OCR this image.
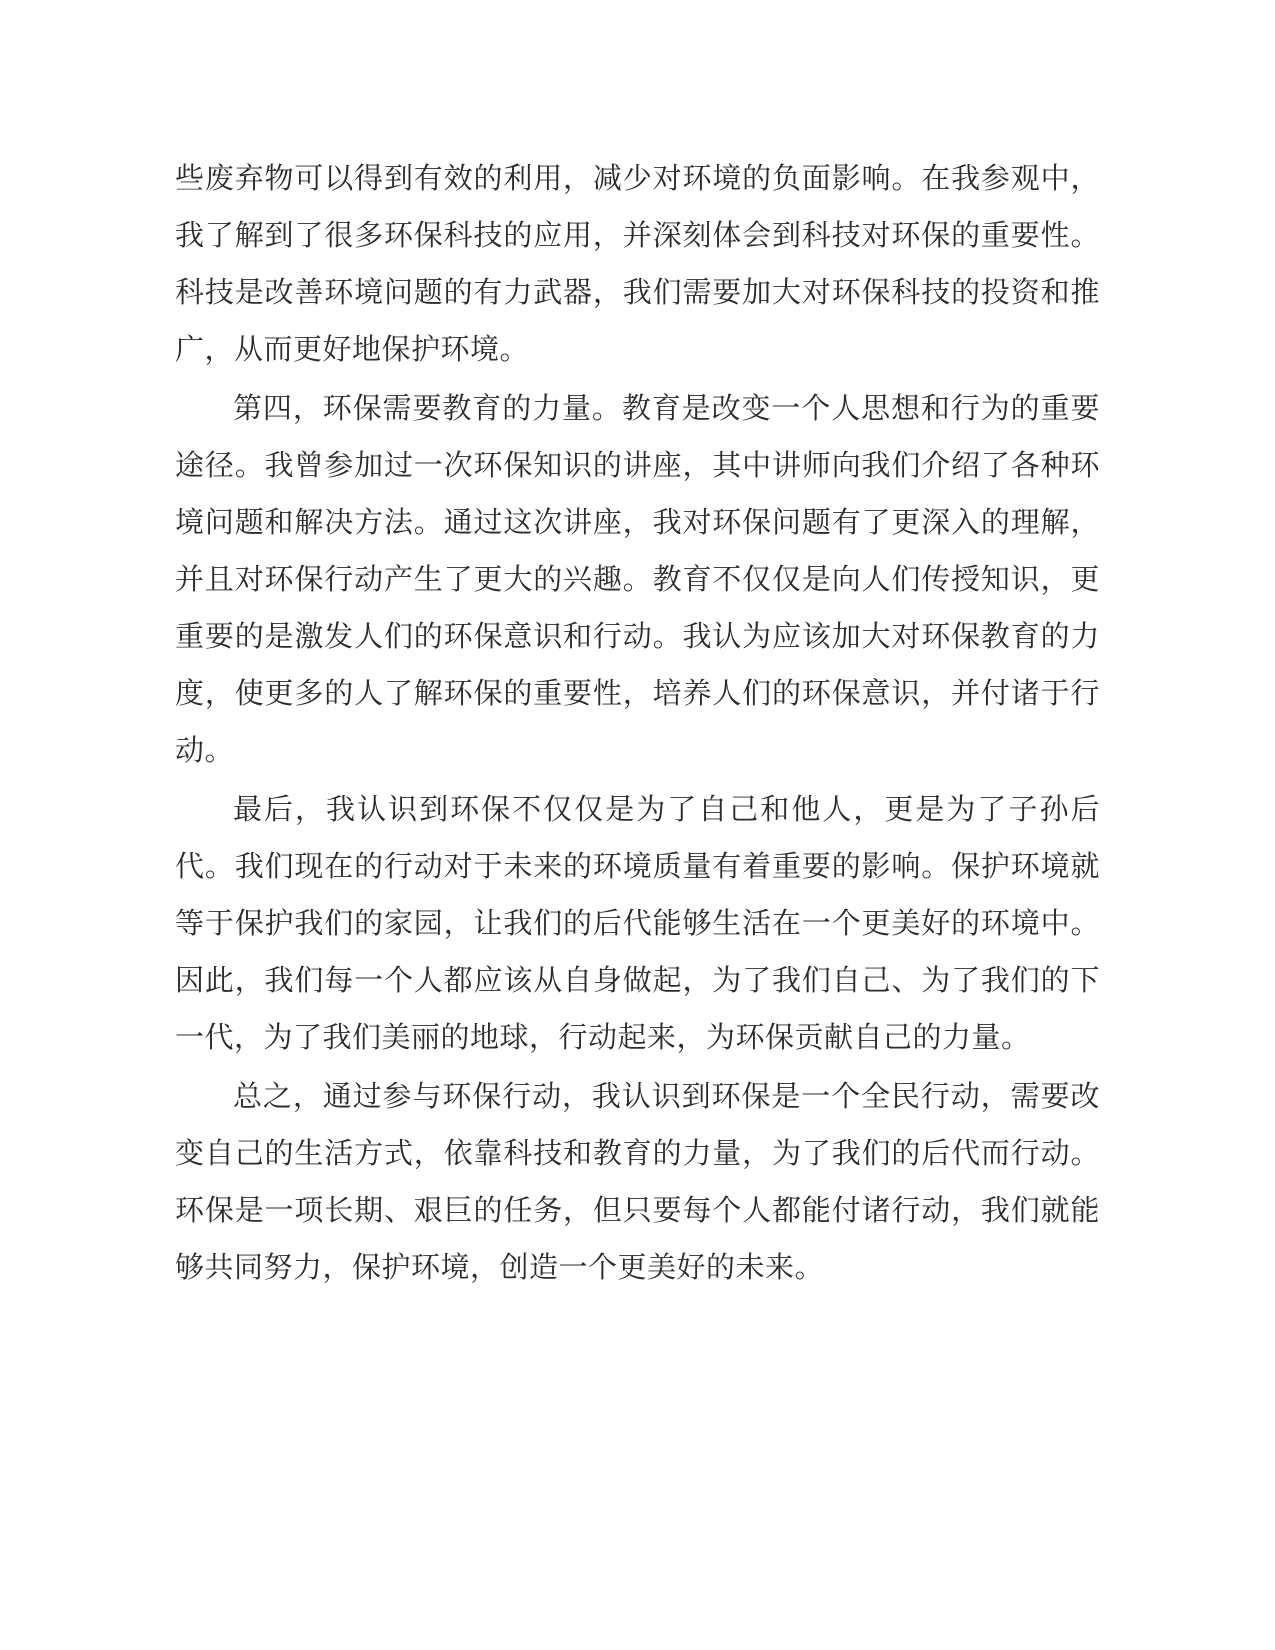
些废弃物可以得到有效的利用，减少对环境的负面影响。在我参观中，我了解到了很多环保科技的应用，并深刻体会到科技对环保的重要性。科技是改善环境问题的有力武器，我们需要加大对环保科技的投资和推广，从而更好地保护环境。

第四，环保需要教育的力量。教育是改变一个人思想和行为的重要途径。我曾参加过一次环保知识的讲座，其中讲师向我们介绍了各种环境问题和解决方法。通过这次讲座，我对环保问题有了更深入的理解，并且对环保行动产生了更大的兴趣。教育不仅仅是向人们传授知识，更重要的是激发人们的环保意识和行动。我认为应该加大对环保教育的力度，使更多的人了解环保的重要性，培养人们的环保意识，并付诸于行动。

最后，我认识到环保不仅仅是为了自己和他人，更是为了子孙后代。我们现在的行动对于未来的环境质量有着重要的影响。保护环境就等于保护我们的家园，让我们的后代能够生活在一个更美好的环境中。因此，我们每一个人都应该从自身做起，为了我们自己、为了我们的下一代，为了我们美丽的地球，行动起来，为环保贡献自己的力量。

总之，通过参与环保行动，我认识到环保是一个全民行动，需要改变自己的生活方式，依靠科技和教育的力量，为了我们的后代而行动。环保是一项长期、艰巨的任务，但只要每个人都能付诸行动，我们就能够共同努力，保护环境，创造一个更美好的未来。
